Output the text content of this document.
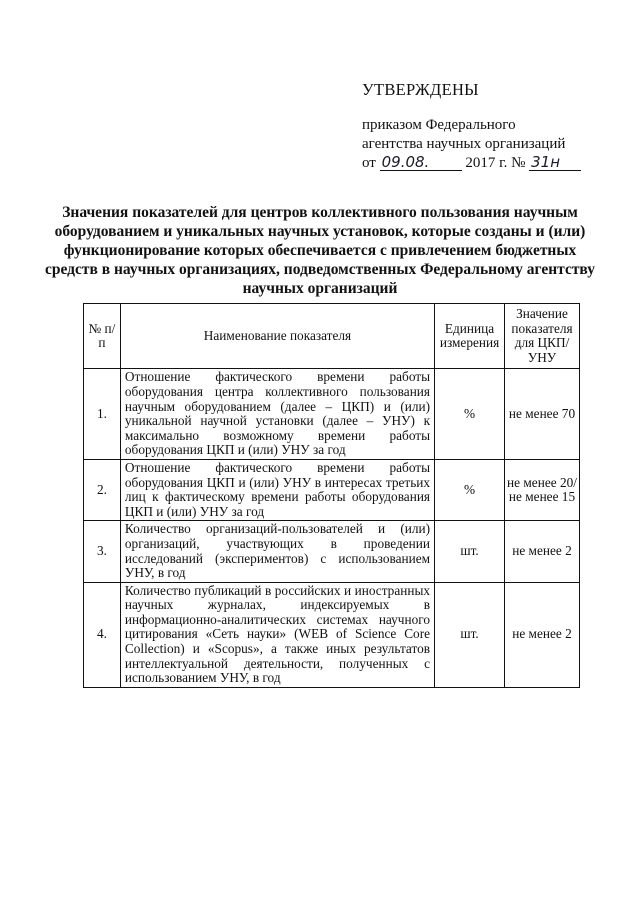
УТВЕРЖДЕНЫ
приказом Федерального
агентства научных организаций
от 09.08. 2017 г. № 31н
Значения показателей для центров коллективного пользования научным оборудованием и уникальных научных установок, которые созданы и (или) функционирование которых обеспечивается с привлечением бюджетных средств в научных организациях, подведомственных Федеральному агентству научных организаций
№ п/п	Наименование показателя	Единица измерения	Значение показателя для ЦКП/УНУ
1.	Отношение фактического времени работы оборудования центра коллективного пользования научным оборудованием (далее – ЦКП) и (или) уникальной научной установки (далее – УНУ) к максимально возможному времени работы оборудования ЦКП и (или) УНУ за год	%	не менее 70
2.	Отношение фактического времени работы оборудования ЦКП и (или) УНУ в интересах третьих лиц к фактическому времени работы оборудования ЦКП и (или) УНУ за год	%	не менее 20/ не менее 15
3.	Количество организаций-пользователей и (или) организаций, участвующих в проведении исследований (экспериментов) с использованием УНУ, в год	шт.	не менее 2
4.	Количество публикаций в российских и иностранных научных журналах, индексируемых в информационно-аналитических системах научного цитирования «Сеть науки» (WEB of Science Core Collection) и «Scopus», а также иных результатов интеллектуальной деятельности, полученных с использованием УНУ, в год	шт.	не менее 2
